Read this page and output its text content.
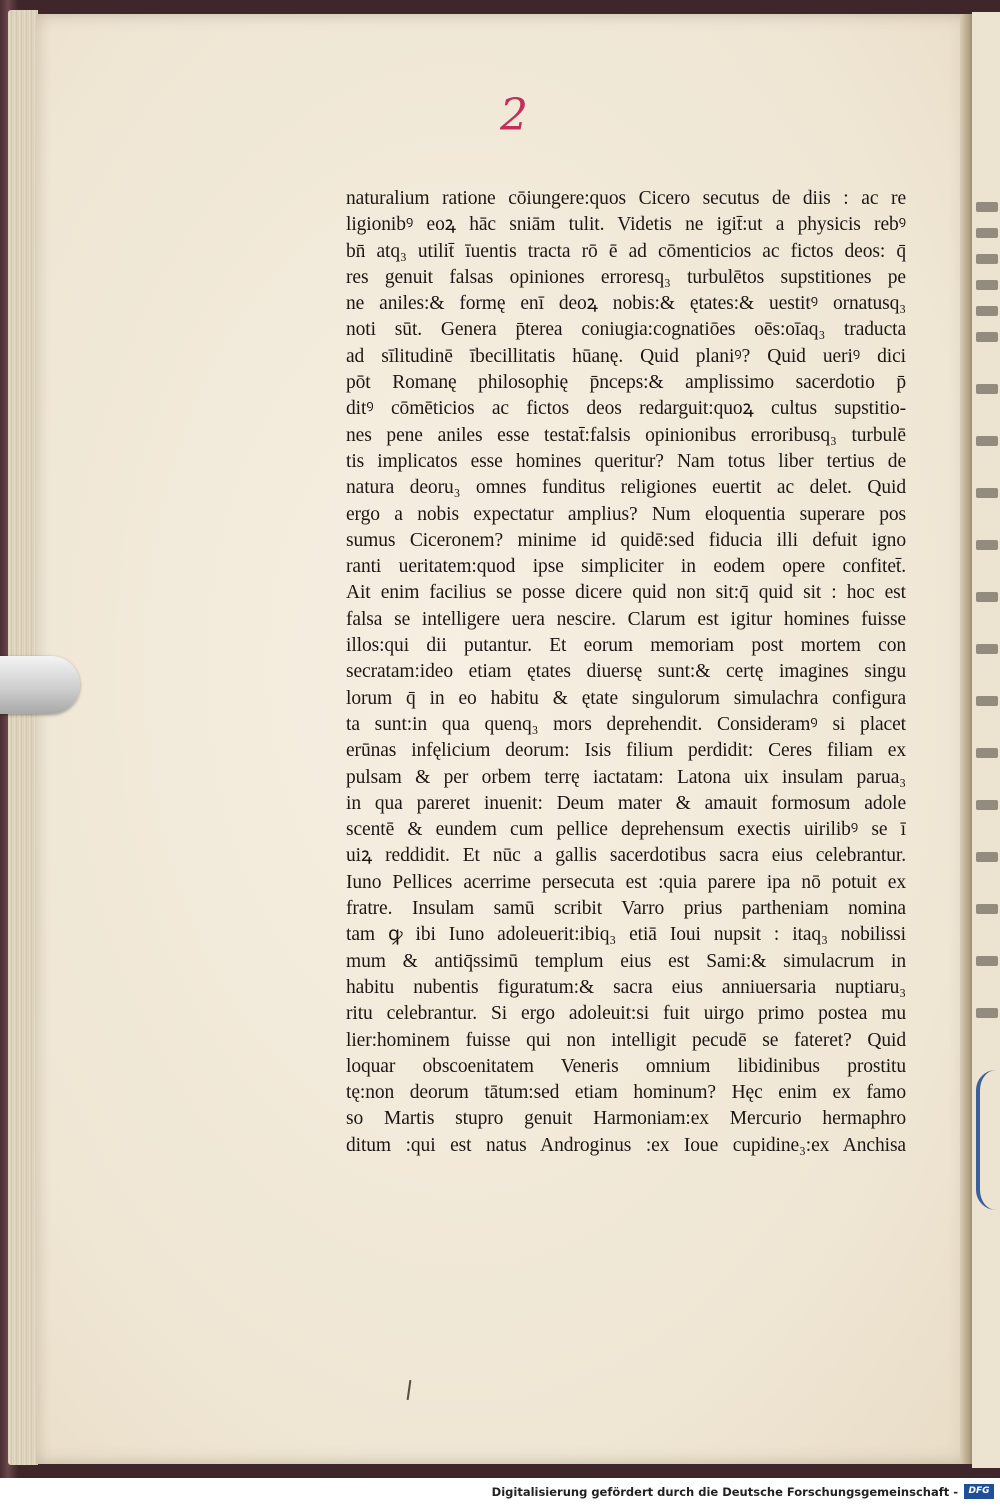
2
naturalium ratione cōiungere:quos Cicero secutus de diis : ac re
ligionibꝰ eoꝝ hāc sniām tulit. Videtis ne igit̄:ut a physicis rebꝰ
bn̄ atq₃ utilit̄ īuentis tracta rō ē ad cōmenticios ac fictos deos: q̄
res genuit falsas opiniones erroresq₃ turbulētos supstitiones pe
ne aniles:& formę enī deoꝝ nobis:& ętates:& uestitꝰ ornatusq₃
noti sūt. Genera p̄terea coniugia:cognatiōes oēs:oīaq₃ traducta
ad sīlitudinē ībecillitatis hūanę. Quid planiꝰ? Quid ueriꝰ dici
pōt Romanę philosophię p̄nceps:& amplissimo sacerdotio p̄
ditꝰ cōmēticios ac fictos deos redarguit:quoꝝ cultus supstitio-
nes pene aniles esse testat̄:falsis opinionibus erroribusq₃ turbulē
tis implicatos esse homines queritur? Nam totus liber tertius de
natura deoru₃ omnes funditus religiones euertit ac delet. Quid
ergo a nobis expectatur amplius? Num eloquentia superare pos
sumus Ciceronem? minime id quidē:sed fiducia illi defuit igno
ranti ueritatem:quod ipse simpliciter in eodem opere confitet̄.
Ait enim facilius se posse dicere quid non sit:q̄ quid sit : hoc est
falsa se intelligere uera nescire. Clarum est igitur homines fuisse
illos:qui dii putantur. Et eorum memoriam post mortem con
secratam:ideo etiam ętates diuersę sunt:& certę imagines singu
lorum q̄ in eo habitu & ętate singulorum simulachra configura
ta sunt:in qua quenq₃ mors deprehendit. Consideramꝰ si placet
erūnas infęlicium deorum: Isis filium perdidit: Ceres filiam ex
pulsam & per orbem terrę iactatam: Latona uix insulam parua₃
in qua pareret inuenit: Deum mater & amauit formosum adole
scentē & eundem cum pellice deprehensum exectis uirilibꝰ se ī
uiꝝ reddidit. Et nūc a gallis sacerdotibus sacra eius celebrantur.
Iuno Pellices acerrime persecuta est :quia parere ipa nō potuit ex
fratre. Insulam samū scribit Varro prius partheniam nomina
tam ꝙ ibi Iuno adoleuerit:ibiq₃ etiā Ioui nupsit : itaq₃ nobilissi
mum & antiq̄ssimū templum eius est Sami:& simulacrum in
habitu nubentis figuratum:& sacra eius anniuersaria nuptiaru₃
ritu celebrantur. Si ergo adoleuit:si fuit uirgo primo postea mu
lier:hominem fuisse qui non intelligit pecudē se fateret? Quid
loquar obscoenitatem Veneris omnium libidinibus prostitu
tę:non deorum tātum:sed etiam hominum? Hęc enim ex famo
so Martis stupro genuit Harmoniam:ex Mercurio hermaphro
ditum :qui est natus Androginus :ex Ioue cupidine₃:ex Anchisa
Digitalisierung gefördert durch die Deutsche Forschungsgemeinschaft -	DFG
